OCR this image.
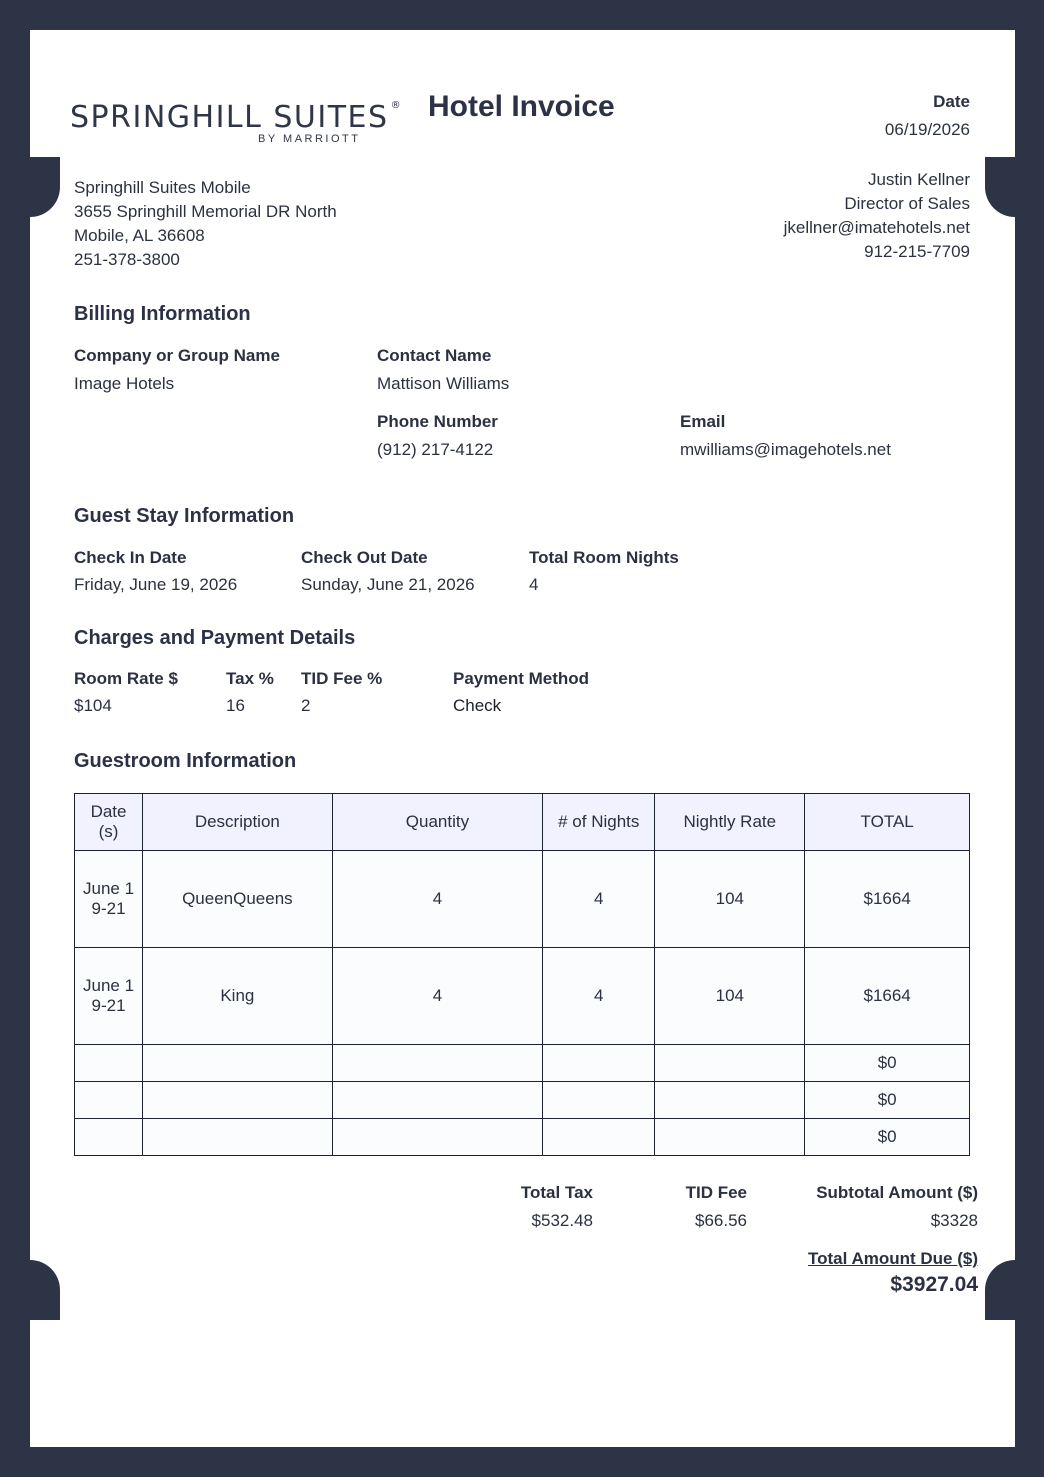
SPRINGHILL SUITES ®
BY MARRIOTT
Hotel Invoice	Date
06/19/2026
Springhill Suites Mobile
3655 Springhill Memorial DR North
Mobile, AL 36608
251-378-3800
Justin Kellner
Director of Sales
jkellner@imatehotels.net
912-215-7709
Billing Information
Company or Group Name
Image Hotels
Contact Name
Mattison Williams
Phone Number
(912) 217-4122
Email
mwilliams@imagehotels.net
Guest Stay Information
Check In Date
Friday, June 19, 2026
Check Out Date
Sunday, June 21, 2026
Total Room Nights
4
Charges and Payment Details
Room Rate $
$104
Tax %
16
TID Fee %
2
Payment Method
Check
Guestroom Information
Date (s)	Description	Quantity	# of Nights	Nightly Rate	TOTAL
June 19-21	QueenQueens	4	4	104	$1664
June 19-21	King	4	4	104	$1664
					$0
					$0
					$0
Total Tax
$532.48
TID Fee
$66.56
Subtotal Amount ($)
$3328
Total Amount Due ($)
$3927.04
